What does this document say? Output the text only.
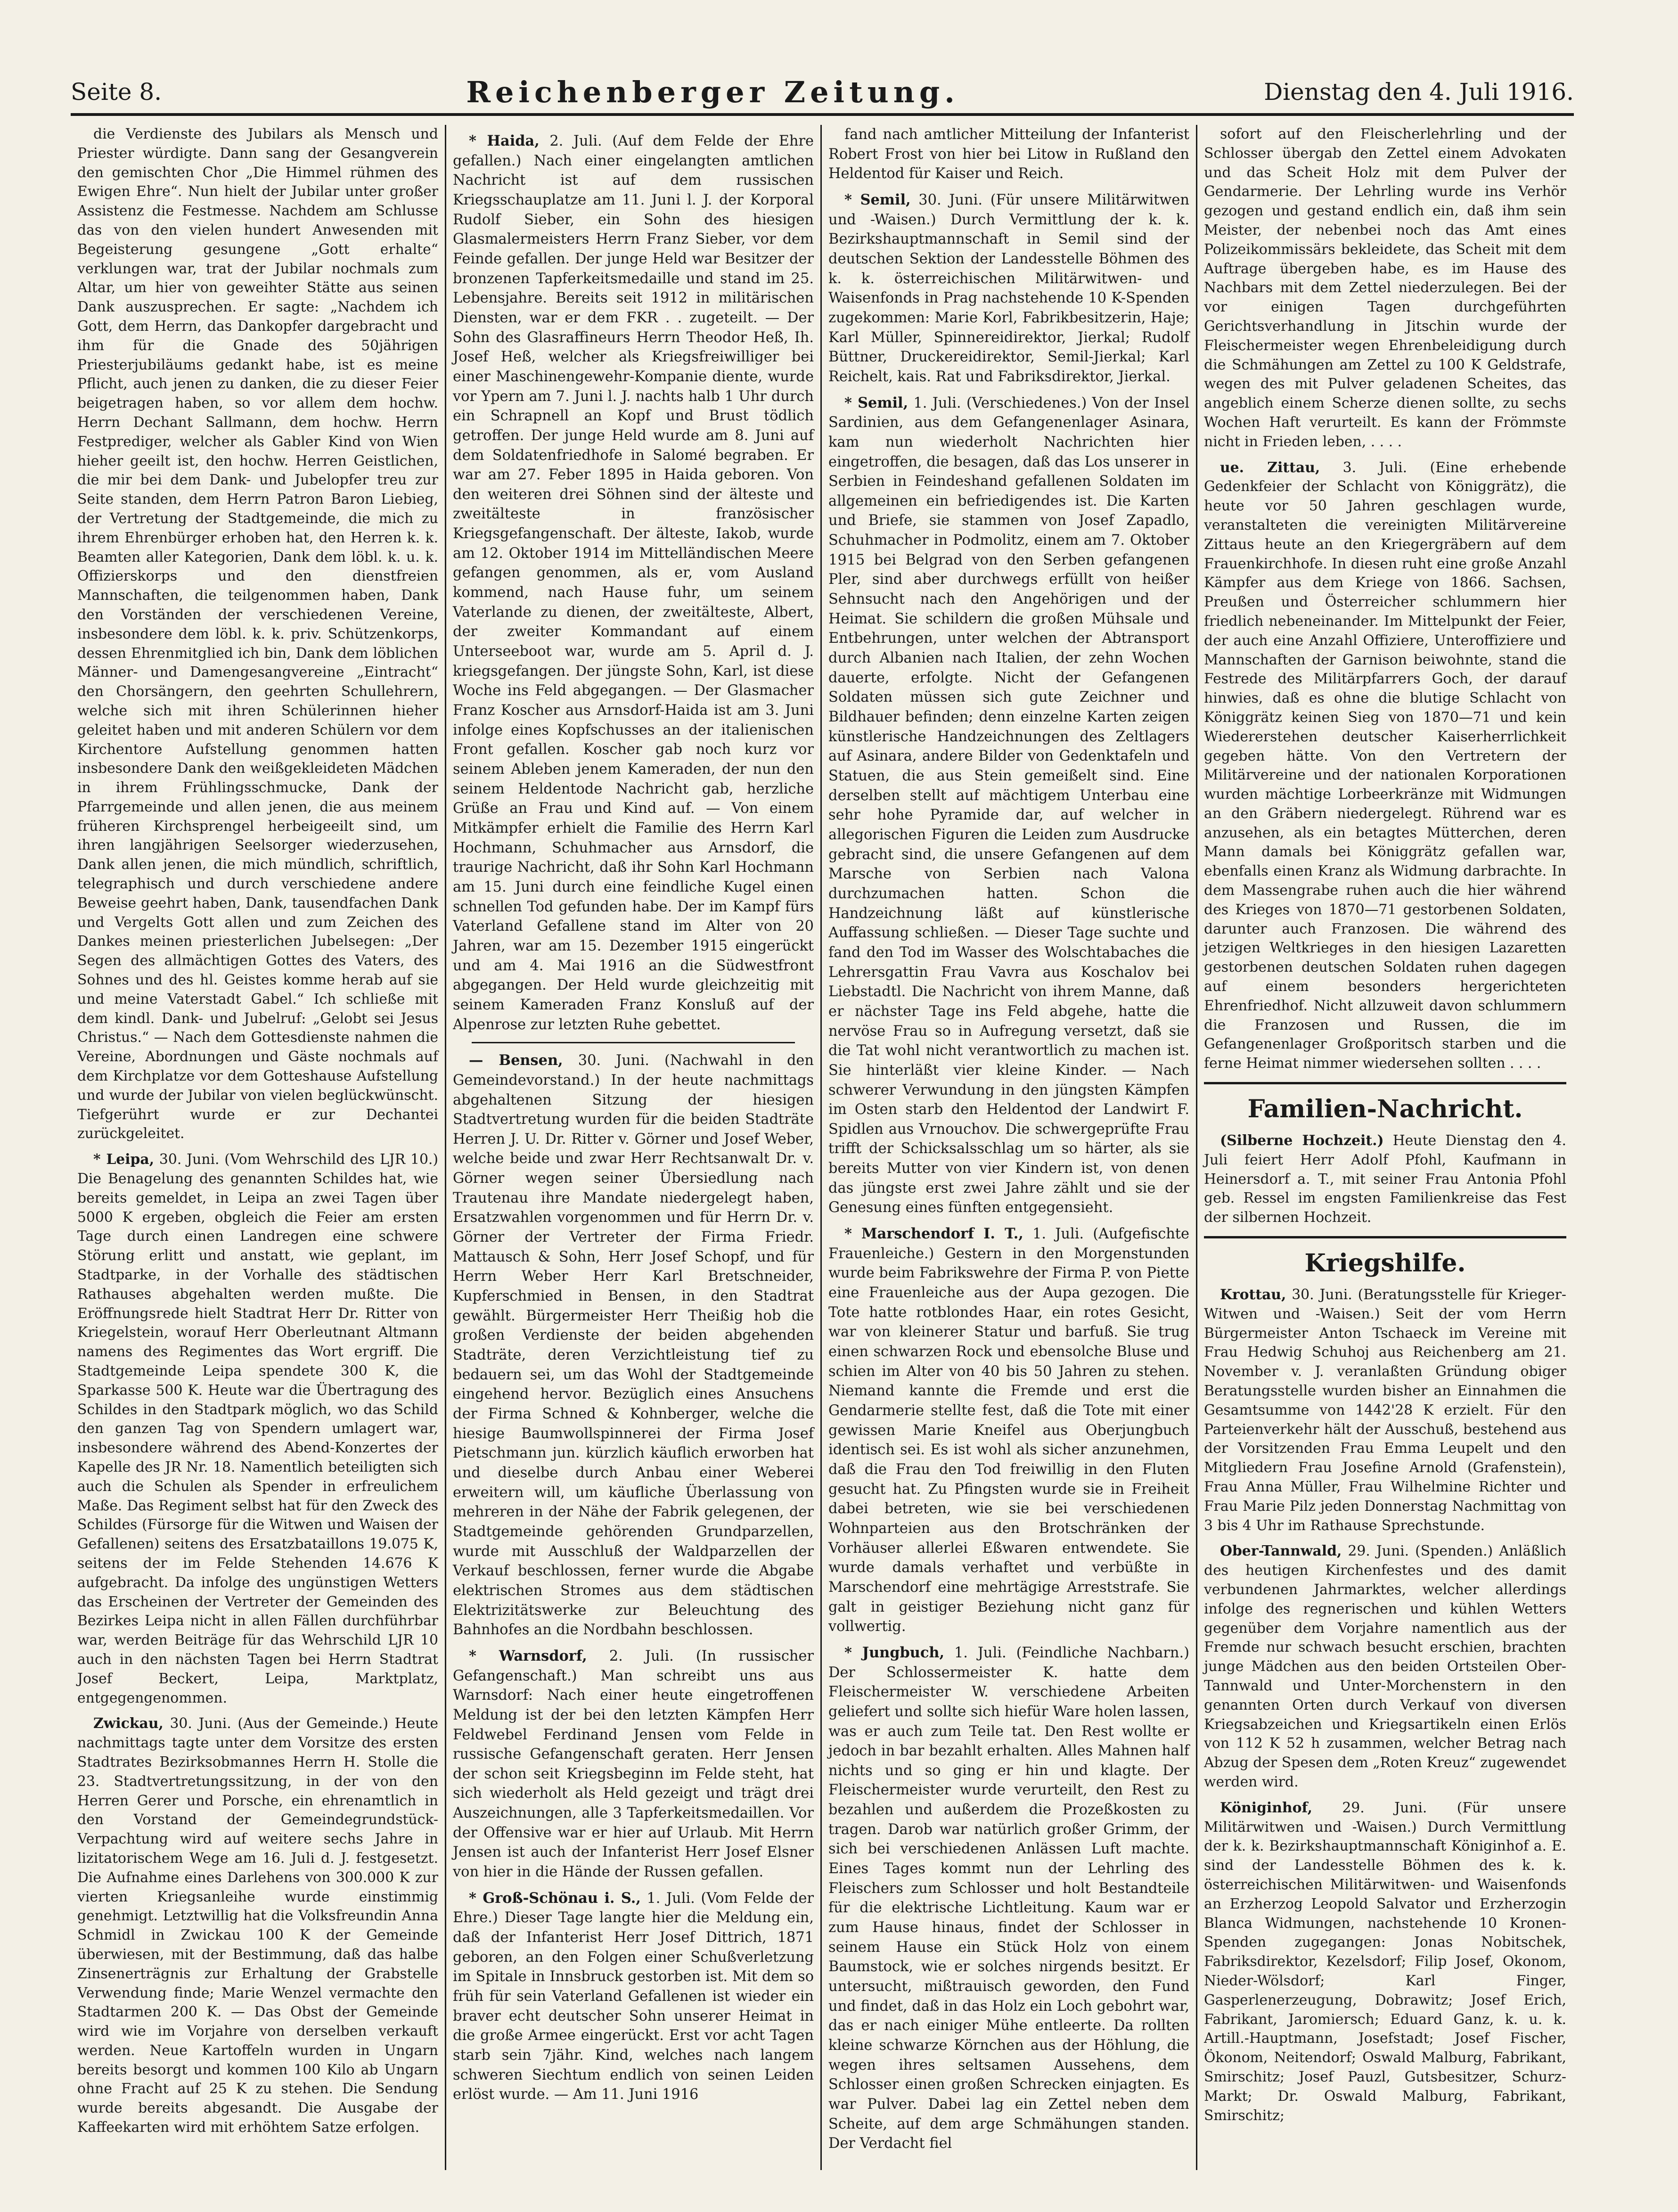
Seite 8.	Reichenberger Zeitung.	Dienstag den 4. Juli 1916.

die Verdienste des Jubilars als Mensch und Priester würdigte. Dann sang der Gesangverein den gemischten Chor „Die Himmel rühmen des Ewigen Ehre“. Nun hielt der Jubilar unter großer Assistenz die Festmesse. Nachdem am Schlusse das von den vielen hundert Anwesenden mit Begeisterung gesungene „Gott erhalte“ verklungen war, trat der Jubilar nochmals zum Altar, um hier von geweihter Stätte aus seinen Dank auszusprechen. Er sagte: „Nachdem ich Gott, dem Herrn, das Dankopfer dargebracht und ihm für die Gnade des 50jährigen Priesterjubiläums gedankt habe, ist es meine Pflicht, auch jenen zu danken, die zu dieser Feier beigetragen haben, so vor allem dem hochw. Herrn Dechant Sallmann, dem hochw. Herrn Festprediger, welcher als Gabler Kind von Wien hieher geeilt ist, den hochw. Herren Geistlichen, die mir bei dem Dank- und Jubelopfer treu zur Seite standen, dem Herrn Patron Baron Liebieg, der Vertretung der Stadtgemeinde, die mich zu ihrem Ehrenbürger erhoben hat, den Herren k. k. Beamten aller Kategorien, Dank dem löbl. k. u. k. Offizierskorps und den dienstfreien Mannschaften, die teilgenommen haben, Dank den Vorständen der verschiedenen Vereine, insbesondere dem löbl. k. k. priv. Schützenkorps, dessen Ehrenmitglied ich bin, Dank dem löblichen Männer- und Damengesangvereine „Eintracht“ den Chorsängern, den geehrten Schullehrern, welche sich mit ihren Schülerinnen hieher geleitet haben und mit anderen Schülern vor dem Kirchentore Aufstellung genommen hatten insbesondere Dank den weißgekleideten Mädchen in ihrem Frühlingsschmucke, Dank der Pfarrgemeinde und allen jenen, die aus meinem früheren Kirchsprengel herbeigeeilt sind, um ihren langjährigen Seelsorger wiederzusehen, Dank allen jenen, die mich mündlich, schriftlich, telegraphisch und durch verschiedene andere Beweise geehrt haben, Dank, tausendfachen Dank und Vergelts Gott allen und zum Zeichen des Dankes meinen priesterlichen Jubelsegen: „Der Segen des allmächtigen Gottes des Vaters, des Sohnes und des hl. Geistes komme herab auf sie und meine Vaterstadt Gabel.“ Ich schließe mit dem kindl. Dank- und Jubelruf: „Gelobt sei Jesus Christus.“ — Nach dem Gottesdienste nahmen die Vereine, Abordnungen und Gäste nochmals auf dem Kirchplatze vor dem Gotteshause Aufstellung und wurde der Jubilar von vielen beglückwünscht. Tiefgerührt wurde er zur Dechantei zurückgeleitet.

* Leipa, 30. Juni. (Vom Wehrschild des LJR 10.) Die Benagelung des genannten Schildes hat, wie bereits gemeldet, in Leipa an zwei Tagen über 5000 K ergeben, obgleich die Feier am ersten Tage durch einen Landregen eine schwere Störung erlitt und anstatt, wie geplant, im Stadtparke, in der Vorhalle des städtischen Rathauses abgehalten werden mußte. Die Eröffnungsrede hielt Stadtrat Herr Dr. Ritter von Kriegelstein, worauf Herr Oberleutnant Altmann namens des Regimentes das Wort ergriff. Die Stadtgemeinde Leipa spendete 300 K, die Sparkasse 500 K. Heute war die Übertragung des Schildes in den Stadtpark möglich, wo das Schild den ganzen Tag von Spendern umlagert war, insbesondere während des Abend-Konzertes der Kapelle des JR Nr. 18. Namentlich beteiligten sich auch die Schulen als Spender in erfreulichem Maße. Das Regiment selbst hat für den Zweck des Schildes (Fürsorge für die Witwen und Waisen der Gefallenen) seitens des Ersatzbataillons 19.075 K, seitens der im Felde Stehenden 14.676 K aufgebracht. Da infolge des ungünstigen Wetters das Erscheinen der Vertreter der Gemeinden des Bezirkes Leipa nicht in allen Fällen durchführbar war, werden Beiträge für das Wehrschild LJR 10 auch in den nächsten Tagen bei Herrn Stadtrat Josef Beckert, Leipa, Marktplatz, entgegengenommen.

Zwickau, 30. Juni. (Aus der Gemeinde.) Heute nachmittags tagte unter dem Vorsitze des ersten Stadtrates Bezirksobmannes Herrn H. Stolle die 23. Stadtvertretungssitzung, in der von den Herren Gerer und Porsche, ein ehrenamtlich in den Vorstand der Gemeindegrundstück-Verpachtung wird auf weitere sechs Jahre in lizitatorischem Wege am 16. Juli d. J. festgesetzt. Die Aufnahme eines Darlehens von 300.000 K zur vierten Kriegsanleihe wurde einstimmig genehmigt. Letztwillig hat die Volksfreundin Anna Schmidl in Zwickau 100 K der Gemeinde überwiesen, mit der Bestimmung, daß das halbe Zinsenerträgnis zur Erhaltung der Grabstelle Verwendung finde; Marie Wenzel vermachte den Stadtarmen 200 K. — Das Obst der Gemeinde wird wie im Vorjahre von derselben verkauft werden. Neue Kartoffeln wurden in Ungarn bereits besorgt und kommen 100 Kilo ab Ungarn ohne Fracht auf 25 K zu stehen. Die Sendung wurde bereits abgesandt. Die Ausgabe der Kaffeekarten wird mit erhöhtem Satze erfolgen.

* Haida, 2. Juli. (Auf dem Felde der Ehre gefallen.) Nach einer eingelangten amtlichen Nachricht ist auf dem russischen Kriegsschauplatze am 11. Juni l. J. der Korporal Rudolf Sieber, ein Sohn des hiesigen Glasmalermeisters Herrn Franz Sieber, vor dem Feinde gefallen. Der junge Held war Besitzer der bronzenen Tapferkeitsmedaille und stand im 25. Lebensjahre. Bereits seit 1912 in militärischen Diensten, war er dem FKR . . zugeteilt. — Der Sohn des Glasraffineurs Herrn Theodor Heß, Ih. Josef Heß, welcher als Kriegsfreiwilliger bei einer Maschinengewehr-Kompanie diente, wurde vor Ypern am 7. Juni l. J. nachts halb 1 Uhr durch ein Schrapnell an Kopf und Brust tödlich getroffen. Der junge Held wurde am 8. Juni auf dem Soldatenfriedhofe in Salomé begraben. Er war am 27. Feber 1895 in Haida geboren. Von den weiteren drei Söhnen sind der älteste und zweitälteste in französischer Kriegsgefangenschaft. Der älteste, Iakob, wurde am 12. Oktober 1914 im Mittelländischen Meere gefangen genommen, als er, vom Ausland kommend, nach Hause fuhr, um seinem Vaterlande zu dienen, der zweitälteste, Albert, der zweiter Kommandant auf einem Unterseeboot war, wurde am 5. April d. J. kriegsgefangen. Der jüngste Sohn, Karl, ist diese Woche ins Feld abgegangen. — Der Glasmacher Franz Koscher aus Arnsdorf-Haida ist am 3. Juni infolge eines Kopfschusses an der italienischen Front gefallen. Koscher gab noch kurz vor seinem Ableben jenem Kameraden, der nun den seinem Heldentode Nachricht gab, herzliche Grüße an Frau und Kind auf. — Von einem Mitkämpfer erhielt die Familie des Herrn Karl Hochmann, Schuhmacher aus Arnsdorf, die traurige Nachricht, daß ihr Sohn Karl Hochmann am 15. Juni durch eine feindliche Kugel einen schnellen Tod gefunden habe. Der im Kampf fürs Vaterland Gefallene stand im Alter von 20 Jahren, war am 15. Dezember 1915 eingerückt und am 4. Mai 1916 an die Südwestfront abgegangen. Der Held wurde gleichzeitig mit seinem Kameraden Franz Konsluß auf der Alpenrose zur letzten Ruhe gebettet.

— Bensen, 30. Juni. (Nachwahl in den Gemeindevorstand.) In der heute nachmittags abgehaltenen Sitzung der hiesigen Stadtvertretung wurden für die beiden Stadträte Herren J. U. Dr. Ritter v. Görner und Josef Weber, welche beide und zwar Herr Rechtsanwalt Dr. v. Görner wegen seiner Übersiedlung nach Trautenau ihre Mandate niedergelegt haben, Ersatzwahlen vorgenommen und für Herrn Dr. v. Görner der Vertreter der Firma Friedr. Mattausch & Sohn, Herr Josef Schopf, und für Herrn Weber Herr Karl Bretschneider, Kupferschmied in Bensen, in den Stadtrat gewählt. Bürgermeister Herr Theißig hob die großen Verdienste der beiden abgehenden Stadträte, deren Verzichtleistung tief zu bedauern sei, um das Wohl der Stadtgemeinde eingehend hervor. Bezüglich eines Ansuchens der Firma Schned & Kohnberger, welche die hiesige Baumwollspinnerei der Firma Josef Pietschmann jun. kürzlich käuflich erworben hat und dieselbe durch Anbau einer Weberei erweitern will, um käufliche Überlassung von mehreren in der Nähe der Fabrik gelegenen, der Stadtgemeinde gehörenden Grundparzellen, wurde mit Ausschluß der Waldparzellen der Verkauf beschlossen, ferner wurde die Abgabe elektrischen Stromes aus dem städtischen Elektrizitätswerke zur Beleuchtung des Bahnhofes an die Nordbahn beschlossen.

* Warnsdorf, 2. Juli. (In russischer Gefangenschaft.) Man schreibt uns aus Warnsdorf: Nach einer heute eingetroffenen Meldung ist der bei den letzten Kämpfen Herr Feldwebel Ferdinand Jensen vom Felde in russische Gefangenschaft geraten. Herr Jensen der schon seit Kriegsbeginn im Felde steht, hat sich wiederholt als Held gezeigt und trägt drei Auszeichnungen, alle 3 Tapferkeitsmedaillen. Vor der Offensive war er hier auf Urlaub. Mit Herrn Jensen ist auch der Infanterist Herr Josef Elsner von hier in die Hände der Russen gefallen.

* Groß-Schönau i. S., 1. Juli. (Vom Felde der Ehre.) Dieser Tage langte hier die Meldung ein, daß der Infanterist Herr Josef Dittrich, 1871 geboren, an den Folgen einer Schußverletzung im Spitale in Innsbruck gestorben ist. Mit dem so früh für sein Vaterland Gefallenen ist wieder ein braver echt deutscher Sohn unserer Heimat in die große Armee eingerückt. Erst vor acht Tagen starb sein 7jähr. Kind, welches nach langem schweren Siechtum endlich von seinen Leiden erlöst wurde. — Am 11. Juni 1916

fand nach amtlicher Mitteilung der Infanterist Robert Frost von hier bei Litow in Rußland den Heldentod für Kaiser und Reich.

* Semil, 30. Juni. (Für unsere Militärwitwen und -Waisen.) Durch Vermittlung der k. k. Bezirkshauptmannschaft in Semil sind der deutschen Sektion der Landesstelle Böhmen des k. k. österreichischen Militärwitwen- und Waisenfonds in Prag nachstehende 10 K-Spenden zugekommen: Marie Korl, Fabrikbesitzerin, Haje; Karl Müller, Spinnereidirektor, Jierkal; Rudolf Büttner, Druckereidirektor, Semil-Jierkal; Karl Reichelt, kais. Rat und Fabriksdirektor, Jierkal.

* Semil, 1. Juli. (Verschiedenes.) Von der Insel Sardinien, aus dem Gefangenenlager Asinara, kam nun wiederholt Nachrichten hier eingetroffen, die besagen, daß das Los unserer in Serbien in Feindeshand gefallenen Soldaten im allgemeinen ein befriedigendes ist. Die Karten und Briefe, sie stammen von Josef Zapadlo, Schuhmacher in Podmolitz, einem am 7. Oktober 1915 bei Belgrad von den Serben gefangenen Pler, sind aber durchwegs erfüllt von heißer Sehnsucht nach den Angehörigen und der Heimat. Sie schildern die großen Mühsale und Entbehrungen, unter welchen der Abtransport durch Albanien nach Italien, der zehn Wochen dauerte, erfolgte. Nicht der Gefangenen Soldaten müssen sich gute Zeichner und Bildhauer befinden; denn einzelne Karten zeigen künstlerische Handzeichnungen des Zeltlagers auf Asinara, andere Bilder von Gedenktafeln und Statuen, die aus Stein gemeißelt sind. Eine derselben stellt auf mächtigem Unterbau eine sehr hohe Pyramide dar, auf welcher in allegorischen Figuren die Leiden zum Ausdrucke gebracht sind, die unsere Gefangenen auf dem Marsche von Serbien nach Valona durchzumachen hatten. Schon die Handzeichnung läßt auf künstlerische Auffassung schließen. — Dieser Tage suchte und fand den Tod im Wasser des Wolschtabaches die Lehrersgattin Frau Vavra aus Koschalov bei Liebstadtl. Die Nachricht von ihrem Manne, daß er nächster Tage ins Feld abgehe, hatte die nervöse Frau so in Aufregung versetzt, daß sie die Tat wohl nicht verantwortlich zu machen ist. Sie hinterläßt vier kleine Kinder. — Nach schwerer Verwundung in den jüngsten Kämpfen im Osten starb den Heldentod der Landwirt F. Spidlen aus Vrnouchov. Die schwergeprüfte Frau trifft der Schicksalsschlag um so härter, als sie bereits Mutter von vier Kindern ist, von denen das jüngste erst zwei Jahre zählt und sie der Genesung eines fünften entgegensieht.

* Marschendorf I. T., 1. Juli. (Aufgefischte Frauenleiche.) Gestern in den Morgenstunden wurde beim Fabrikswehre der Firma P. von Piette eine Frauenleiche aus der Aupa gezogen. Die Tote hatte rotblondes Haar, ein rotes Gesicht, war von kleinerer Statur und barfuß. Sie trug einen schwarzen Rock und ebensolche Bluse und schien im Alter von 40 bis 50 Jahren zu stehen. Niemand kannte die Fremde und erst die Gendarmerie stellte fest, daß die Tote mit einer gewissen Marie Kneifel aus Oberjungbuch identisch sei. Es ist wohl als sicher anzunehmen, daß die Frau den Tod freiwillig in den Fluten gesucht hat. Zu Pfingsten wurde sie in Freiheit dabei betreten, wie sie bei verschiedenen Wohnparteien aus den Brotschränken der Vorhäuser allerlei Eßwaren entwendete. Sie wurde damals verhaftet und verbüßte in Marschendorf eine mehrtägige Arreststrafe. Sie galt in geistiger Beziehung nicht ganz für vollwertig.

* Jungbuch, 1. Juli. (Feindliche Nachbarn.) Der Schlossermeister K. hatte dem Fleischermeister W. verschiedene Arbeiten geliefert und sollte sich hiefür Ware holen lassen, was er auch zum Teile tat. Den Rest wollte er jedoch in bar bezahlt erhalten. Alles Mahnen half nichts und so ging er hin und klagte. Der Fleischermeister wurde verurteilt, den Rest zu bezahlen und außerdem die Prozeßkosten zu tragen. Darob war natürlich großer Grimm, der sich bei verschiedenen Anlässen Luft machte. Eines Tages kommt nun der Lehrling des Fleischers zum Schlosser und holt Bestandteile für die elektrische Lichtleitung. Kaum war er zum Hause hinaus, findet der Schlosser in seinem Hause ein Stück Holz von einem Baumstock, wie er solches nirgends besitzt. Er untersucht, mißtrauisch geworden, den Fund und findet, daß in das Holz ein Loch gebohrt war, das er nach einiger Mühe entleerte. Da rollten kleine schwarze Körnchen aus der Höhlung, die wegen ihres seltsamen Aussehens, dem Schlosser einen großen Schrecken einjagten. Es war Pulver. Dabei lag ein Zettel neben dem Scheite, auf dem arge Schmähungen standen. Der Verdacht fiel

sofort auf den Fleischerlehrling und der Schlosser übergab den Zettel einem Advokaten und das Scheit Holz mit dem Pulver der Gendarmerie. Der Lehrling wurde ins Verhör gezogen und gestand endlich ein, daß ihm sein Meister, der nebenbei noch das Amt eines Polizeikommissärs bekleidete, das Scheit mit dem Auftrage übergeben habe, es im Hause des Nachbars mit dem Zettel niederzulegen. Bei der vor einigen Tagen durchgeführten Gerichtsverhandlung in Jitschin wurde der Fleischermeister wegen Ehrenbeleidigung durch die Schmähungen am Zettel zu 100 K Geldstrafe, wegen des mit Pulver geladenen Scheites, das angeblich einem Scherze dienen sollte, zu sechs Wochen Haft verurteilt. Es kann der Frömmste nicht in Frieden leben, . . . .

ue. Zittau, 3. Juli. (Eine erhebende Gedenkfeier der Schlacht von Königgrätz), die heute vor 50 Jahren geschlagen wurde, veranstalteten die vereinigten Militärvereine Zittaus heute an den Kriegergräbern auf dem Frauenkirchhofe. In diesen ruht eine große Anzahl Kämpfer aus dem Kriege von 1866. Sachsen, Preußen und Österreicher schlummern hier friedlich nebeneinander. Im Mittelpunkt der Feier, der auch eine Anzahl Offiziere, Unteroffiziere und Mannschaften der Garnison beiwohnte, stand die Festrede des Militärpfarrers Goch, der darauf hinwies, daß es ohne die blutige Schlacht von Königgrätz keinen Sieg von 1870—71 und kein Wiedererstehen deutscher Kaiserherrlichkeit gegeben hätte. Von den Vertretern der Militärvereine und der nationalen Korporationen wurden mächtige Lorbeerkränze mit Widmungen an den Gräbern niedergelegt. Rührend war es anzusehen, als ein betagtes Mütterchen, deren Mann damals bei Königgrätz gefallen war, ebenfalls einen Kranz als Widmung darbrachte. In dem Massengrabe ruhen auch die hier während des Krieges von 1870—71 gestorbenen Soldaten, darunter auch Franzosen. Die während des jetzigen Weltkrieges in den hiesigen Lazaretten gestorbenen deutschen Soldaten ruhen dagegen auf einem besonders hergerichteten Ehrenfriedhof. Nicht allzuweit davon schlummern die Franzosen und Russen, die im Gefangenenlager Großporitsch starben und die ferne Heimat nimmer wiedersehen sollten . . . .

Familien-Nachricht.

(Silberne Hochzeit.) Heute Dienstag den 4. Juli feiert Herr Adolf Pfohl, Kaufmann in Heinersdorf a. T., mit seiner Frau Antonia Pfohl geb. Ressel im engsten Familienkreise das Fest der silbernen Hochzeit.

Kriegshilfe.

Krottau, 30. Juni. (Beratungsstelle für Krieger-Witwen und -Waisen.) Seit der vom Herrn Bürgermeister Anton Tschaeck im Vereine mit Frau Hedwig Schuhoj aus Reichenberg am 21. November v. J. veranlaßten Gründung obiger Beratungsstelle wurden bisher an Einnahmen die Gesamtsumme von 1442'28 K erzielt. Für den Parteienverkehr hält der Ausschuß, bestehend aus der Vorsitzenden Frau Emma Leupelt und den Mitgliedern Frau Josefine Arnold (Grafenstein), Frau Anna Müller, Frau Wilhelmine Richter und Frau Marie Pilz jeden Donnerstag Nachmittag von 3 bis 4 Uhr im Rathause Sprechstunde.

Ober-Tannwald, 29. Juni. (Spenden.) Anläßlich des heutigen Kirchenfestes und des damit verbundenen Jahrmarktes, welcher allerdings infolge des regnerischen und kühlen Wetters gegenüber dem Vorjahre namentlich aus der Fremde nur schwach besucht erschien, brachten junge Mädchen aus den beiden Ortsteilen Ober-Tannwald und Unter-Morchenstern in den genannten Orten durch Verkauf von diversen Kriegsabzeichen und Kriegsartikeln einen Erlös von 112 K 52 h zusammen, welcher Betrag nach Abzug der Spesen dem „Roten Kreuz“ zugewendet werden wird.

Königinhof, 29. Juni. (Für unsere Militärwitwen und -Waisen.) Durch Vermittlung der k. k. Bezirkshauptmannschaft Königinhof a. E. sind der Landesstelle Böhmen des k. k. österreichischen Militärwitwen- und Waisenfonds an Erzherzog Leopold Salvator und Erzherzogin Blanca Widmungen, nachstehende 10 Kronen-Spenden zugegangen: Jonas Nobitschek, Fabriksdirektor, Kezelsdorf; Filip Josef, Okonom, Nieder-Wölsdorf; Karl Finger, Gasperlenerzeugung, Dobrawitz; Josef Erich, Fabrikant, Jaromiersch; Eduard Ganz, k. u. k. Artill.-Hauptmann, Josefstadt; Josef Fischer, Ökonom, Neitendorf; Oswald Malburg, Fabrikant, Smirschitz; Josef Pauzl, Gutsbesitzer, Schurz-Markt; Dr. Oswald Malburg, Fabrikant, Smirschitz;
